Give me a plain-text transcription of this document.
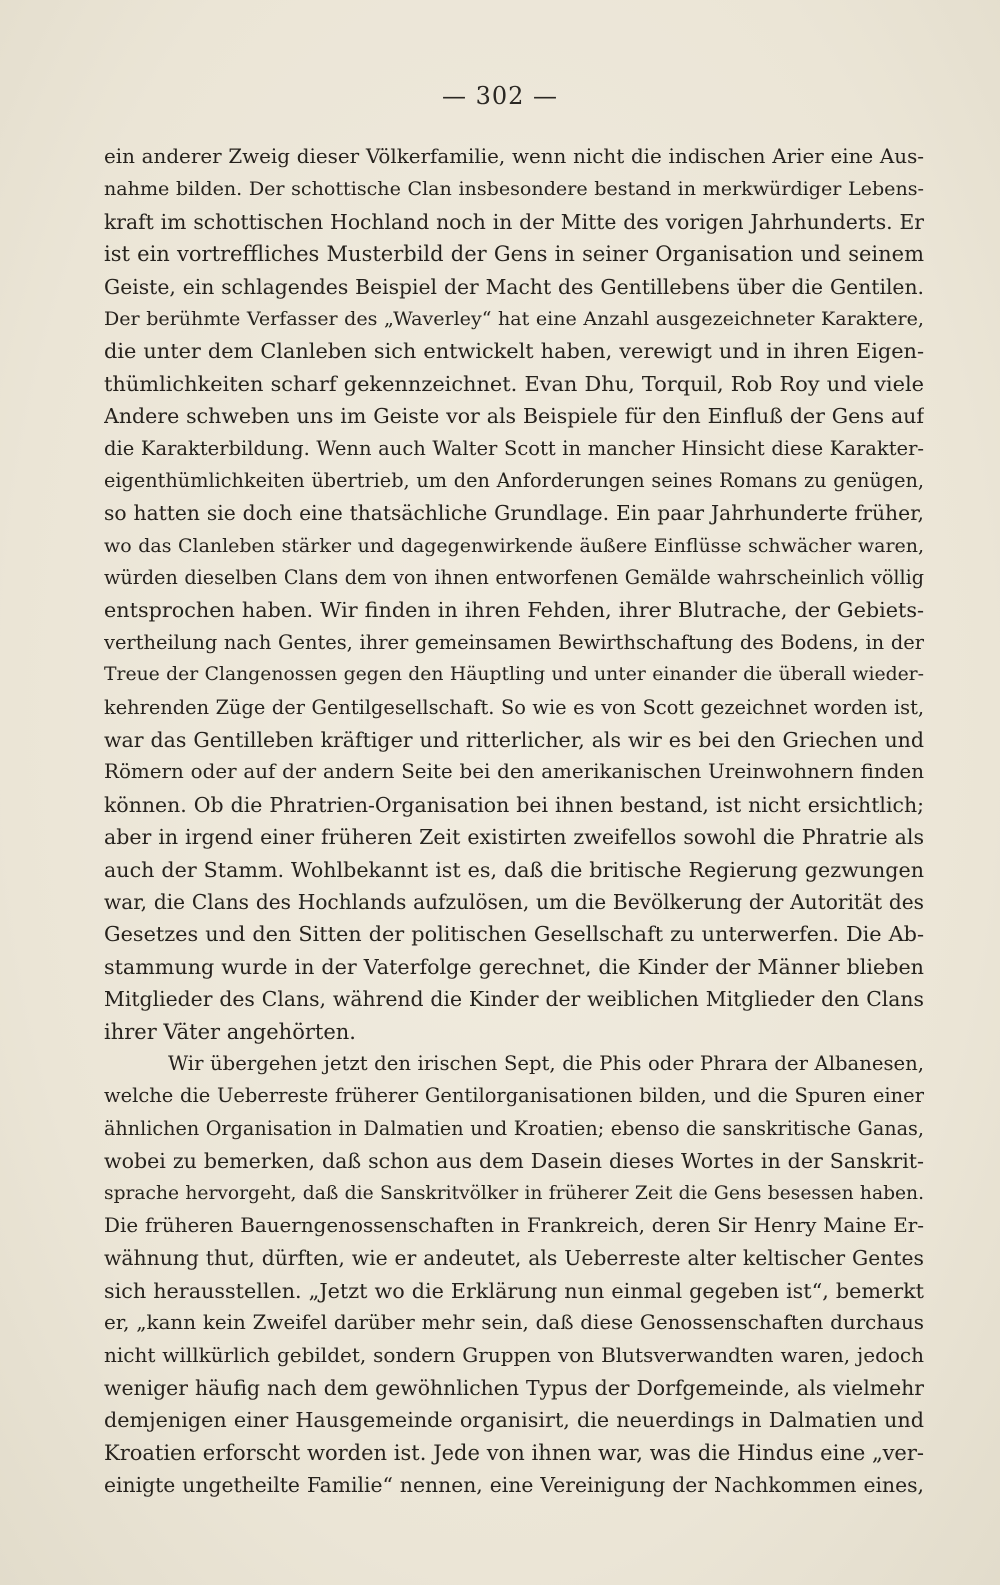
— 302 —
ein anderer Zweig dieser Völkerfamilie, wenn nicht die indischen Arier eine Aus-
nahme bilden. Der schottische Clan insbesondere bestand in merkwürdiger Lebens-
kraft im schottischen Hochland noch in der Mitte des vorigen Jahrhunderts. Er
ist ein vortreffliches Musterbild der Gens in seiner Organisation und seinem
Geiste, ein schlagendes Beispiel der Macht des Gentillebens über die Gentilen.
Der berühmte Verfasser des „Waverley“ hat eine Anzahl ausgezeichneter Karaktere,
die unter dem Clanleben sich entwickelt haben, verewigt und in ihren Eigen-
thümlichkeiten scharf gekennzeichnet. Evan Dhu, Torquil, Rob Roy und viele
Andere schweben uns im Geiste vor als Beispiele für den Einfluß der Gens auf
die Karakterbildung. Wenn auch Walter Scott in mancher Hinsicht diese Karakter-
eigenthümlichkeiten übertrieb, um den Anforderungen seines Romans zu genügen,
so hatten sie doch eine thatsächliche Grundlage. Ein paar Jahrhunderte früher,
wo das Clanleben stärker und dagegenwirkende äußere Einflüsse schwächer waren,
würden dieselben Clans dem von ihnen entworfenen Gemälde wahrscheinlich völlig
entsprochen haben. Wir finden in ihren Fehden, ihrer Blutrache, der Gebiets-
vertheilung nach Gentes, ihrer gemeinsamen Bewirthschaftung des Bodens, in der
Treue der Clangenossen gegen den Häuptling und unter einander die überall wieder-
kehrenden Züge der Gentilgesellschaft. So wie es von Scott gezeichnet worden ist,
war das Gentilleben kräftiger und ritterlicher, als wir es bei den Griechen und
Römern oder auf der andern Seite bei den amerikanischen Ureinwohnern finden
können. Ob die Phratrien-Organisation bei ihnen bestand, ist nicht ersichtlich;
aber in irgend einer früheren Zeit existirten zweifellos sowohl die Phratrie als
auch der Stamm. Wohlbekannt ist es, daß die britische Regierung gezwungen
war, die Clans des Hochlands aufzulösen, um die Bevölkerung der Autorität des
Gesetzes und den Sitten der politischen Gesellschaft zu unterwerfen. Die Ab-
stammung wurde in der Vaterfolge gerechnet, die Kinder der Männer blieben
Mitglieder des Clans, während die Kinder der weiblichen Mitglieder den Clans
ihrer Väter angehörten.
Wir übergehen jetzt den irischen Sept, die Phis oder Phrara der Albanesen,
welche die Ueberreste früherer Gentilorganisationen bilden, und die Spuren einer
ähnlichen Organisation in Dalmatien und Kroatien; ebenso die sanskritische Ganas,
wobei zu bemerken, daß schon aus dem Dasein dieses Wortes in der Sanskrit-
sprache hervorgeht, daß die Sanskritvölker in früherer Zeit die Gens besessen haben.
Die früheren Bauerngenossenschaften in Frankreich, deren Sir Henry Maine Er-
wähnung thut, dürften, wie er andeutet, als Ueberreste alter keltischer Gentes
sich herausstellen. „Jetzt wo die Erklärung nun einmal gegeben ist“, bemerkt
er, „kann kein Zweifel darüber mehr sein, daß diese Genossenschaften durchaus
nicht willkürlich gebildet, sondern Gruppen von Blutsverwandten waren, jedoch
weniger häufig nach dem gewöhnlichen Typus der Dorfgemeinde, als vielmehr
demjenigen einer Hausgemeinde organisirt, die neuerdings in Dalmatien und
Kroatien erforscht worden ist. Jede von ihnen war, was die Hindus eine „ver-
einigte ungetheilte Familie“ nennen, eine Vereinigung der Nachkommen eines,
